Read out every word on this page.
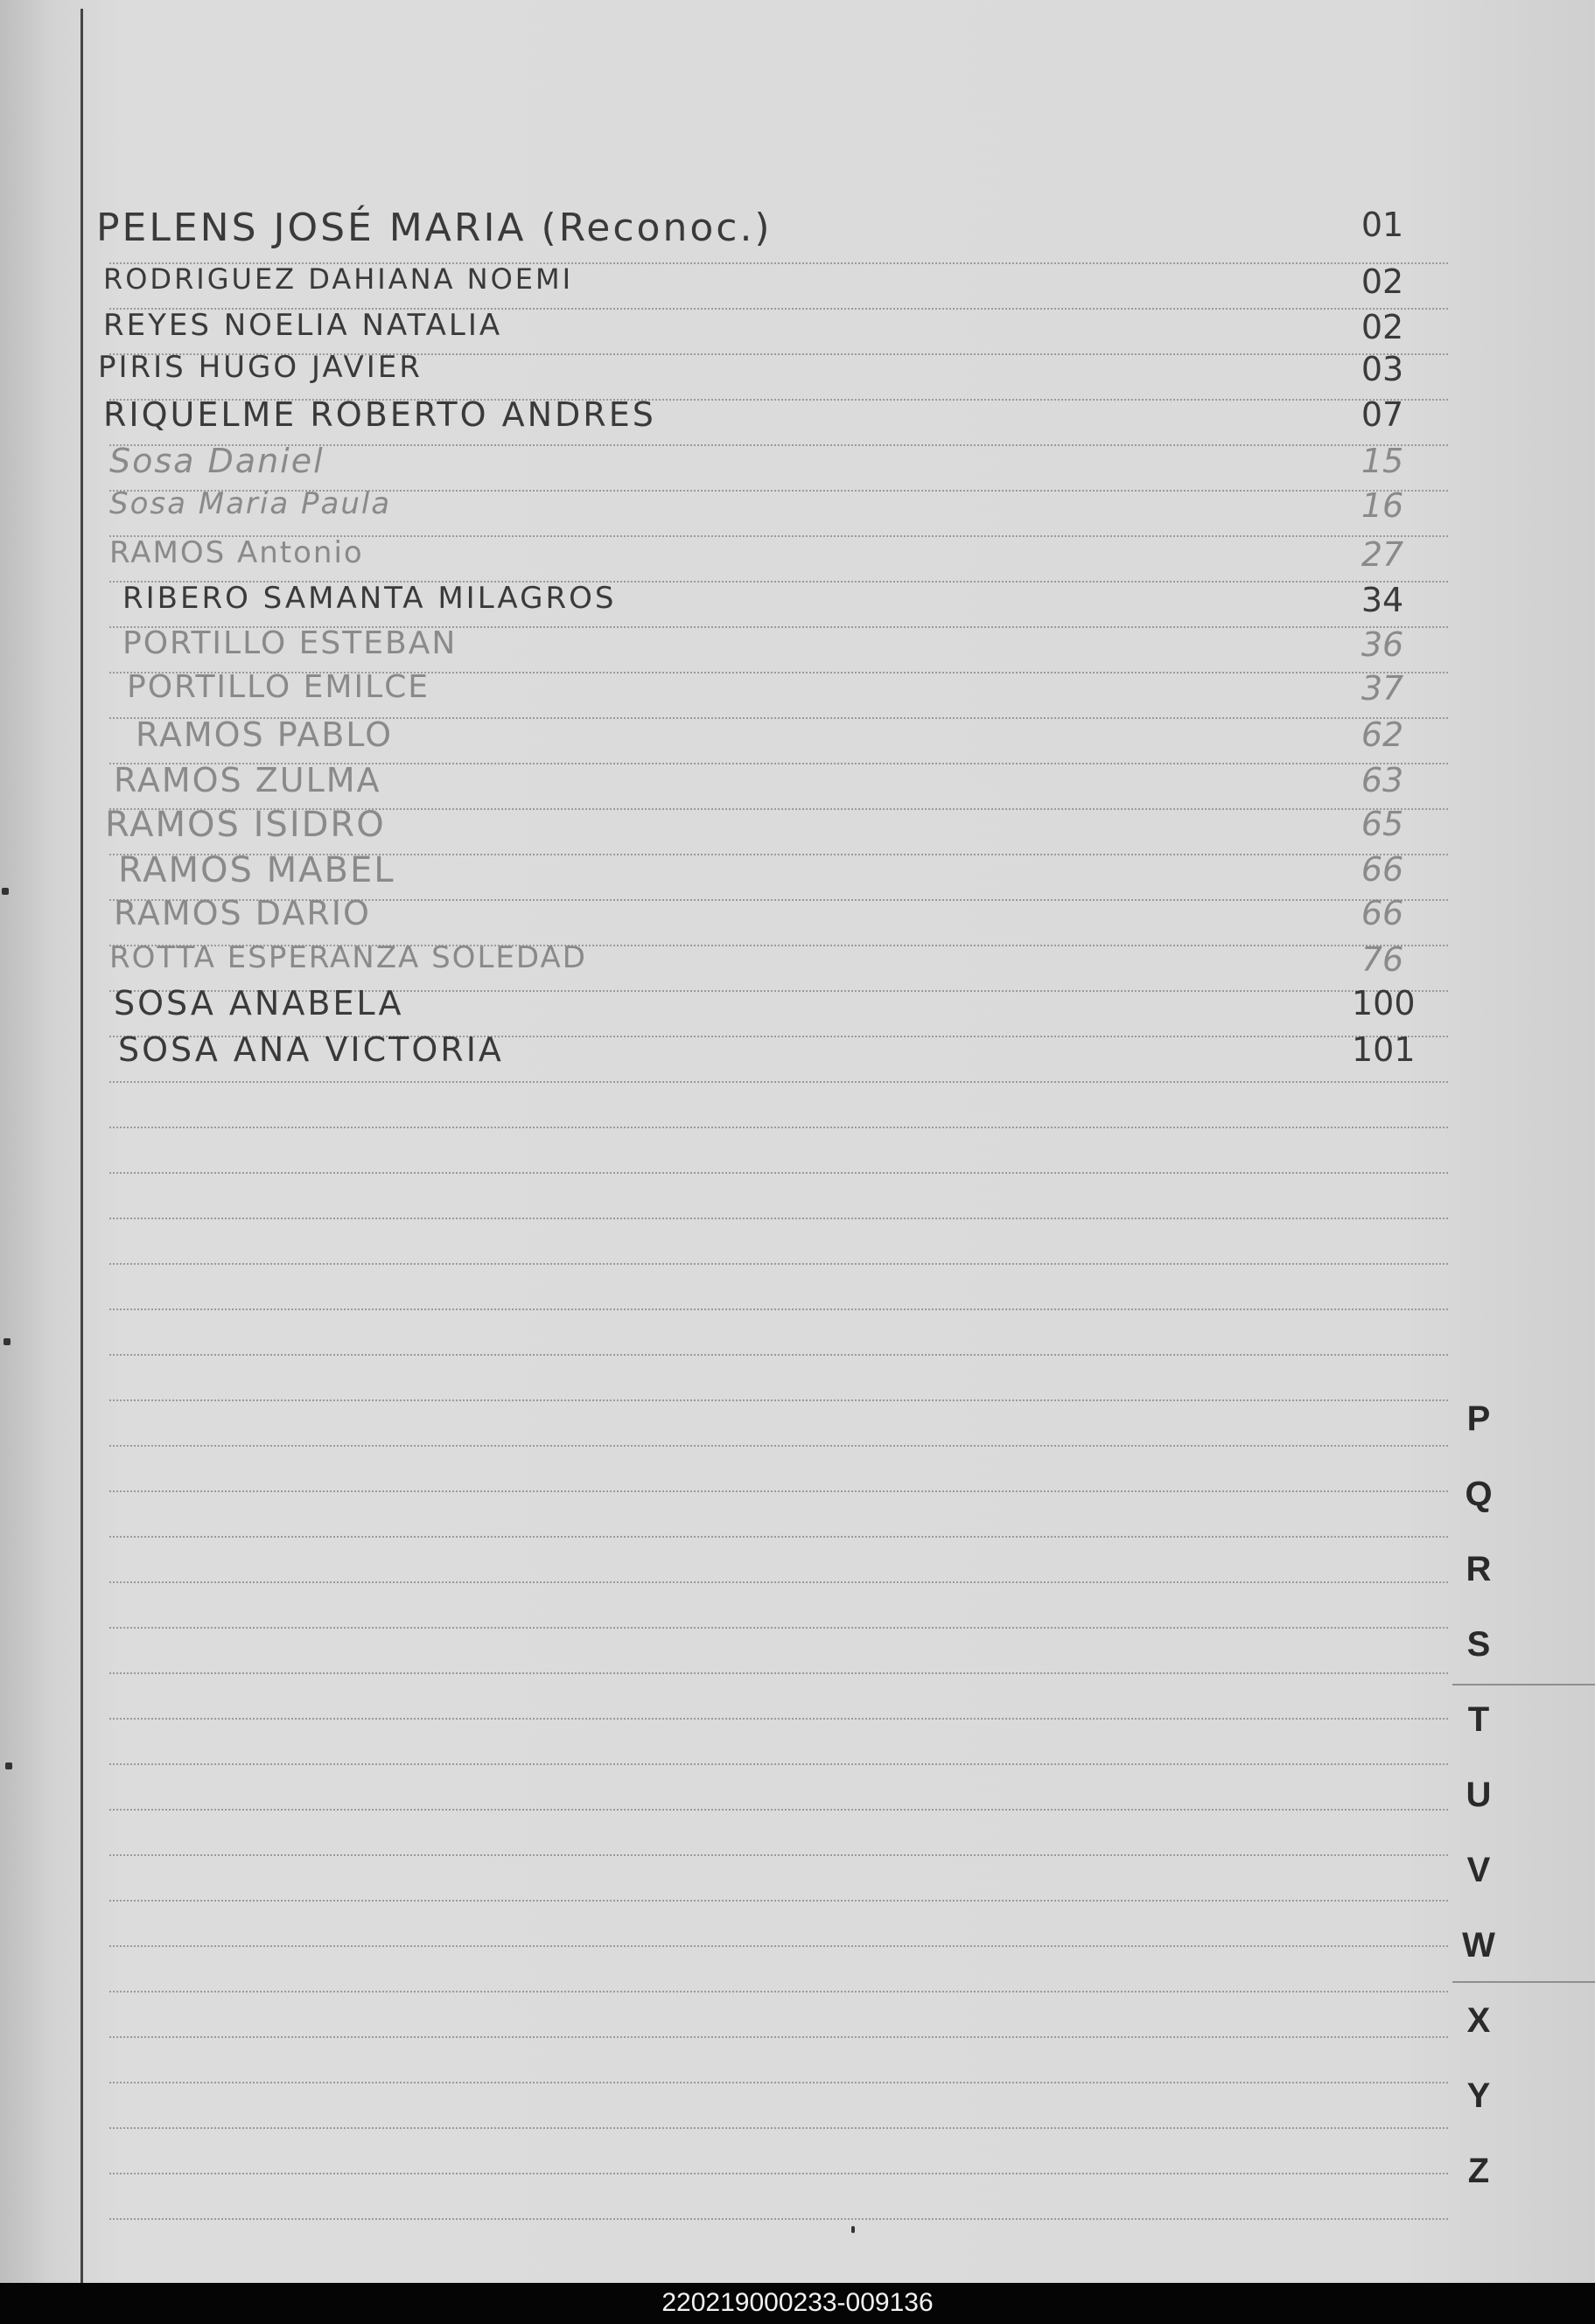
PELENS JOSÉ MARIA (Reconoc.)	01
RODRIGUEZ DAHIANA NOEMI	02
REYES NOELIA NATALIA	02
PIRIS HUGO JAVIER	03
RIQUELME ROBERTO ANDRES	07
Sosa Daniel	15
Sosa Maria Paula	16
RAMOS Antonio	27
RIBERO SAMANTA MILAGROS	34
PORTILLO ESTEBAN	36
PORTILLO EMILCE	37
RAMOS PABLO	62
RAMOS ZULMA	63
RAMOS ISIDRO	65
RAMOS MABEL	66
RAMOS DARIO	66
ROTTA ESPERANZA SOLEDAD	76
SOSA ANABELA	100
SOSA ANA VICTORIA	101
P
Q
R
S
T
U
V
W
X
Y
Z
220219000233-009136
